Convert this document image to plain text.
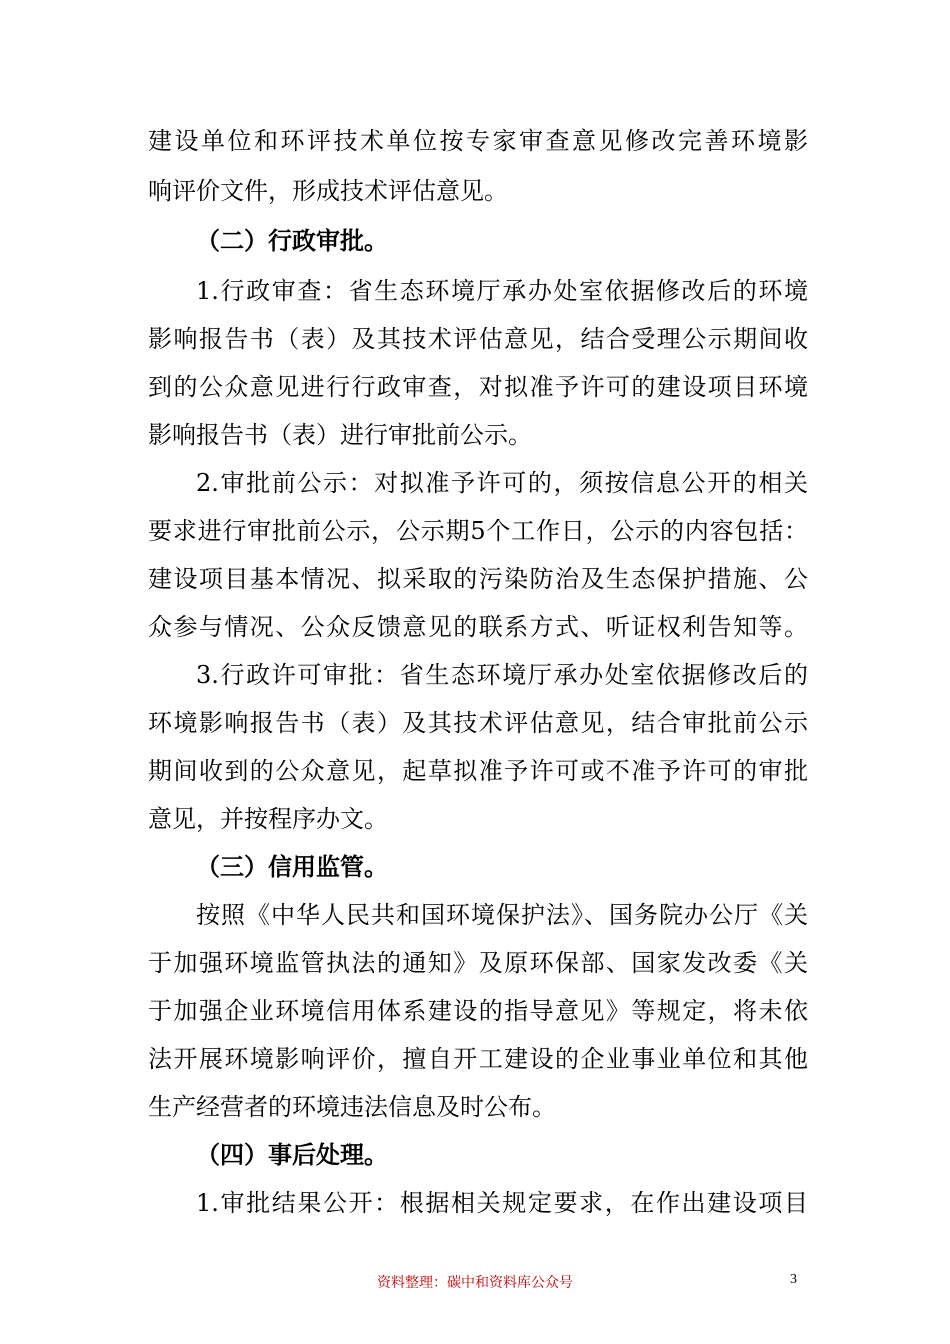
建设单位和环评技术单位按专家审查意见修改完善环境影
响评价文件，形成技术评估意见。
（二）行政审批。
1.行政审查：省生态环境厅承办处室依据修改后的环境
影响报告书（表）及其技术评估意见，结合受理公示期间收
到的公众意见进行行政审查，对拟准予许可的建设项目环境
影响报告书（表）进行审批前公示。
2.审批前公示：对拟准予许可的，须按信息公开的相关
要求进行审批前公示，公示期5个工作日，公示的内容包括：
建设项目基本情况、拟采取的污染防治及生态保护措施、公
众参与情况、公众反馈意见的联系方式、听证权利告知等。
3.行政许可审批：省生态环境厅承办处室依据修改后的
环境影响报告书（表）及其技术评估意见，结合审批前公示
期间收到的公众意见，起草拟准予许可或不准予许可的审批
意见，并按程序办文。
（三）信用监管。
按照《中华人民共和国环境保护法》、国务院办公厅《关
于加强环境监管执法的通知》及原环保部、国家发改委《关
于加强企业环境信用体系建设的指导意见》等规定，将未依
法开展环境影响评价，擅自开工建设的企业事业单位和其他
生产经营者的环境违法信息及时公布。
（四）事后处理。
1.审批结果公开：根据相关规定要求，在作出建设项目
资料整理：碳中和资料库公众号	3
